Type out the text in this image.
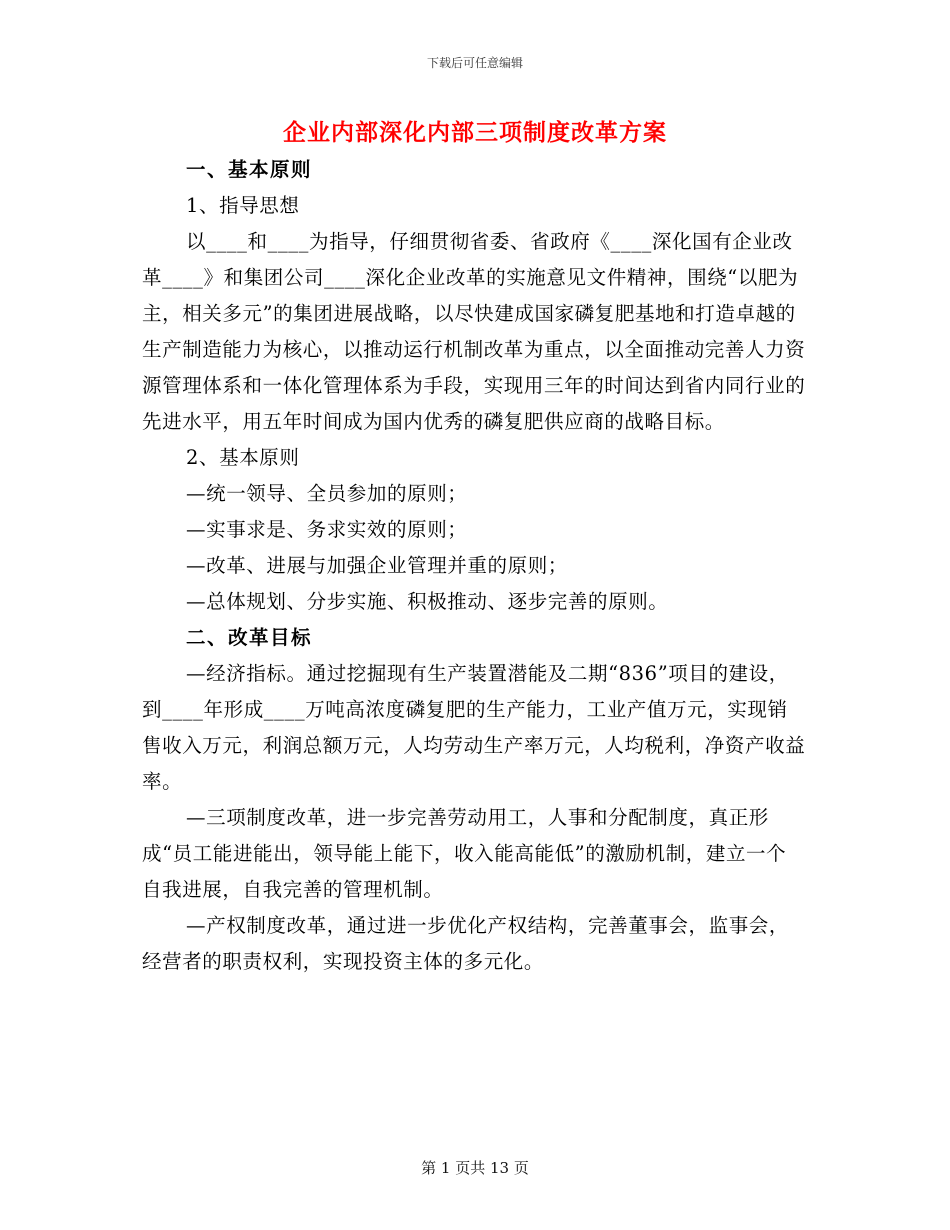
下载后可任意编辑
企业内部深化内部三项制度改革方案

一、基本原则

1、指导思想

以____和____为指导，仔细贯彻省委、省政府《____深化国有企业改革____》和集团公司____深化企业改革的实施意见文件精神，围绕“以肥为主，相关多元”的集团进展战略，以尽快建成国家磷复肥基地和打造卓越的生产制造能力为核心，以推动运行机制改革为重点，以全面推动完善人力资源管理体系和一体化管理体系为手段，实现用三年的时间达到省内同行业的先进水平，用五年时间成为国内优秀的磷复肥供应商的战略目标。

2、基本原则

—统一领导、全员参加的原则；

—实事求是、务求实效的原则；

—改革、进展与加强企业管理并重的原则；

—总体规划、分步实施、积极推动、逐步完善的原则。

二、改革目标

—经济指标。通过挖掘现有生产装置潜能及二期“836”项目的建设，到____年形成____万吨高浓度磷复肥的生产能力，工业产值万元，实现销售收入万元，利润总额万元，人均劳动生产率万元，人均税利，净资产收益率。

—三项制度改革，进一步完善劳动用工，人事和分配制度，真正形成“员工能进能出，领导能上能下，收入能高能低”的激励机制，建立一个自我进展，自我完善的管理机制。

—产权制度改革，通过进一步优化产权结构，完善董事会，监事会，经营者的职责权利，实现投资主体的多元化。

第 1 页共 13 页
